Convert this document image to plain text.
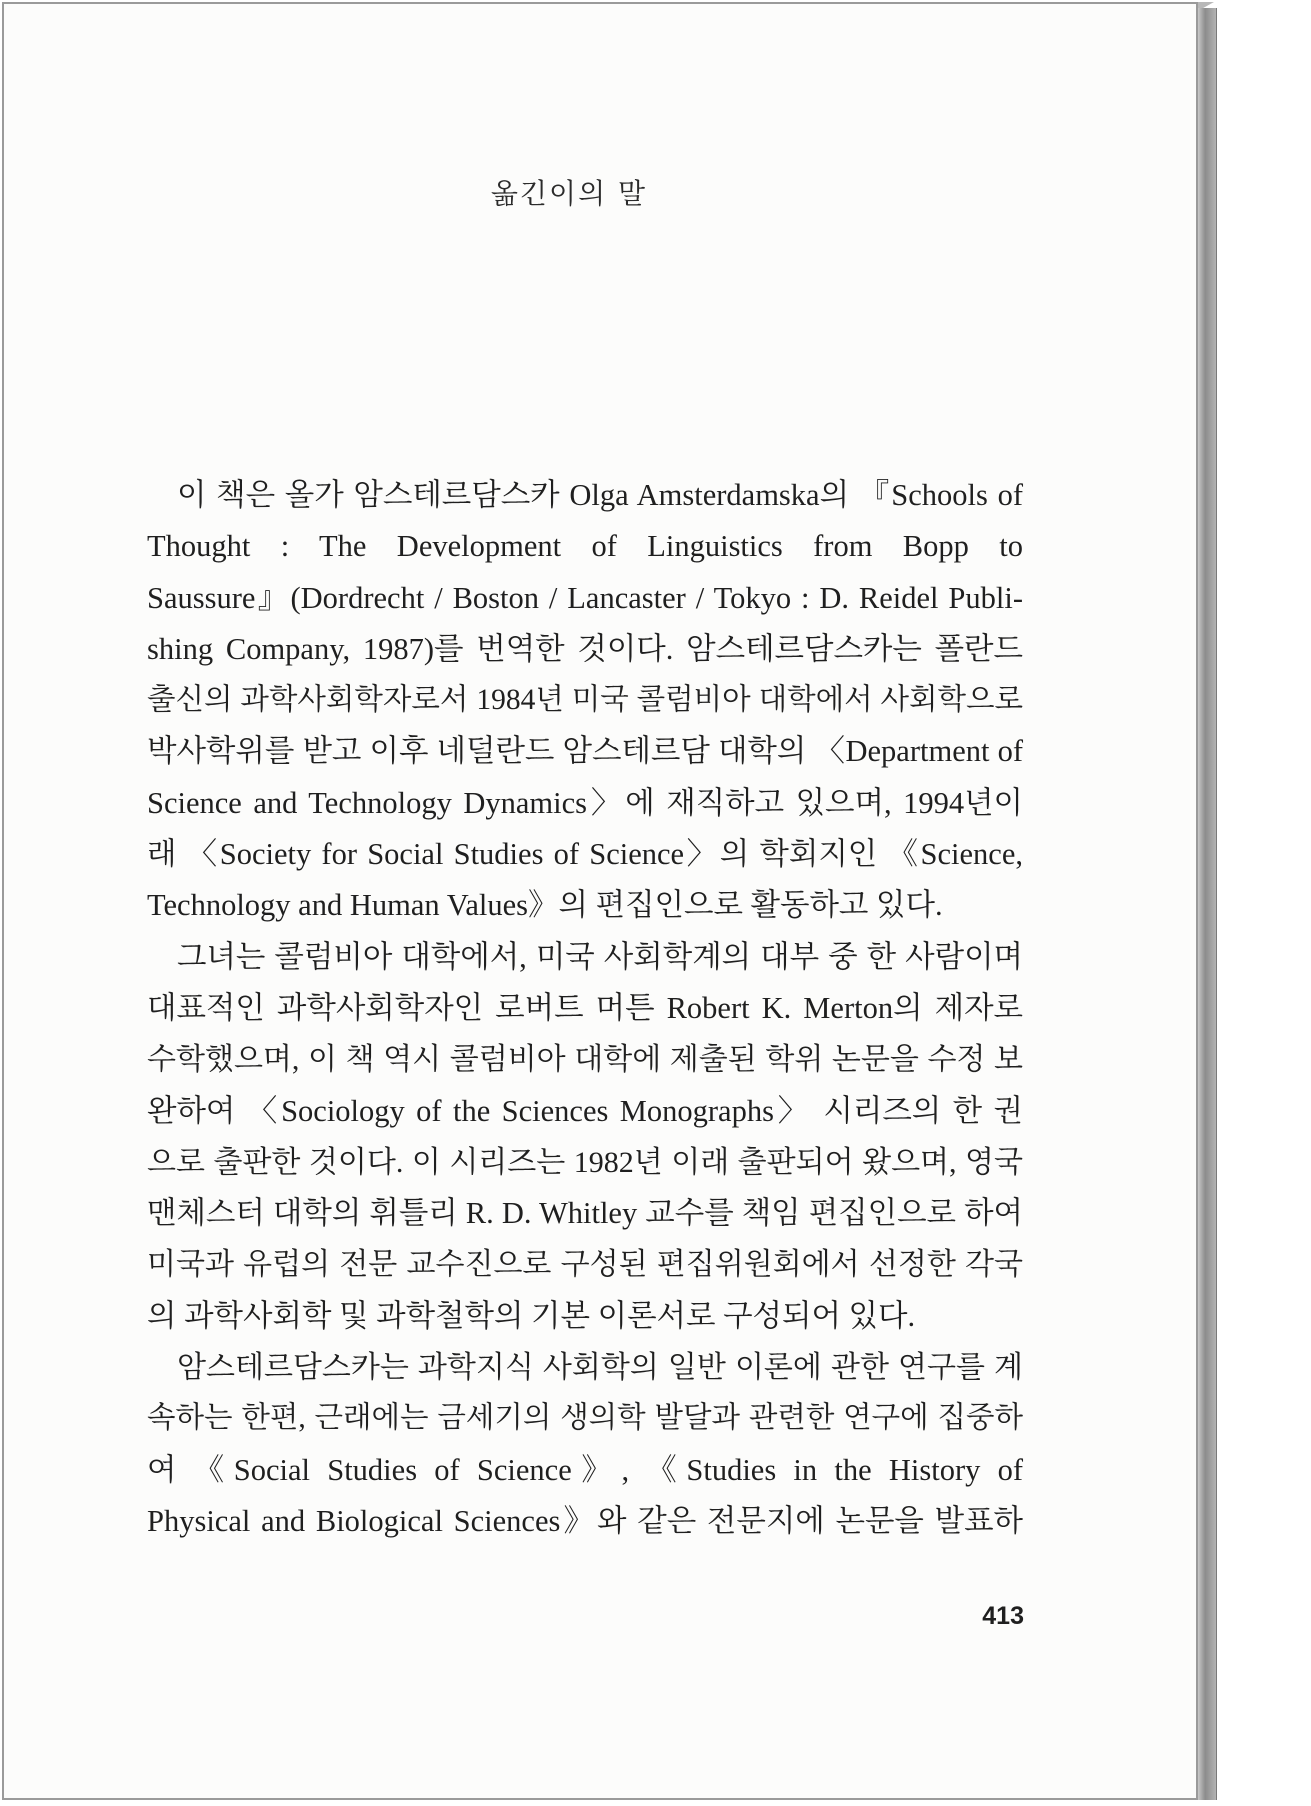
옮긴이의 말
이 책은 올가 암스테르담스카 Olga Amsterdamska의 『Schools of
Thought : The Development of Linguistics from Bopp to
Saussure』(Dordrecht / Boston / Lancaster / Tokyo : D. Reidel Publi-
shing Company, 1987)를 번역한 것이다. 암스테르담스카는 폴란드
출신의 과학사회학자로서 1984년 미국 콜럼비아 대학에서 사회학으로
박사학위를 받고 이후 네덜란드 암스테르담 대학의 〈Department of
Science and Technology Dynamics〉에 재직하고 있으며, 1994년이
래 〈Society for Social Studies of Science〉의 학회지인 《Science,
Technology and Human Values》의 편집인으로 활동하고 있다.
그녀는 콜럼비아 대학에서, 미국 사회학계의 대부 중 한 사람이며
대표적인 과학사회학자인 로버트 머튼 Robert K. Merton의 제자로
수학했으며, 이 책 역시 콜럼비아 대학에 제출된 학위 논문을 수정 보
완하여 〈Sociology of the Sciences Monographs〉 시리즈의 한 권
으로 출판한 것이다. 이 시리즈는 1982년 이래 출판되어 왔으며, 영국
맨체스터 대학의 휘틀리 R. D. Whitley 교수를 책임 편집인으로 하여
미국과 유럽의 전문 교수진으로 구성된 편집위원회에서 선정한 각국
의 과학사회학 및 과학철학의 기본 이론서로 구성되어 있다.
암스테르담스카는 과학지식 사회학의 일반 이론에 관한 연구를 계
속하는 한편, 근래에는 금세기의 생의학 발달과 관련한 연구에 집중하
여 《Social Studies of Science》, 《Studies in the History of
Physical and Biological Sciences》와 같은 전문지에 논문을 발표하
413
